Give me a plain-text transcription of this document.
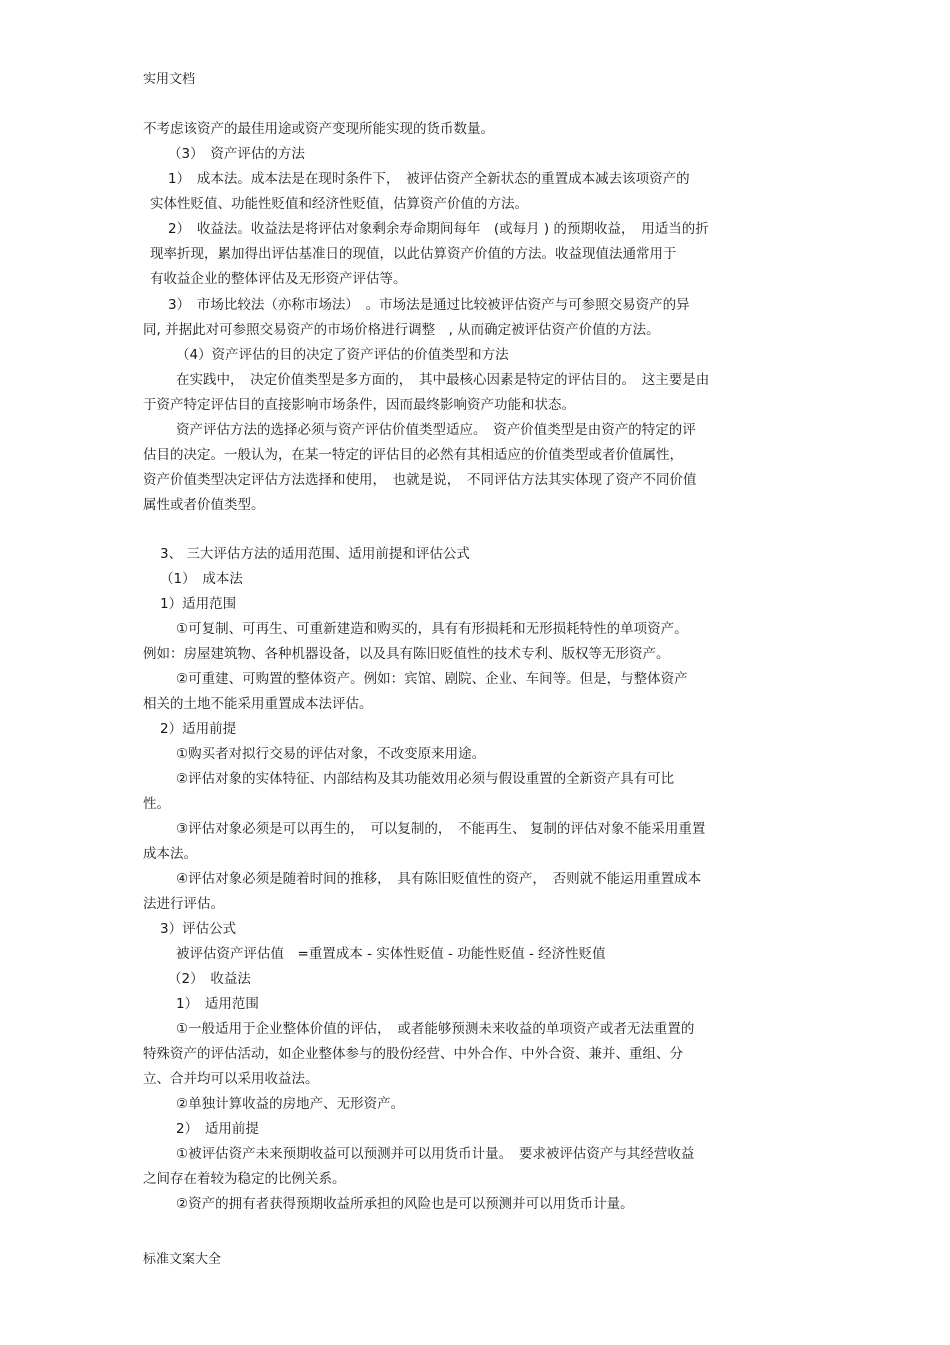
实用文档
不考虑该资产的最佳用途或资产变现所能实现的货币数量。
（3）　资产评估的方法
1）　成本法。成本法是在现时条件下，　被评估资产全新状态的重置成本减去该项资产的
实体性贬值、功能性贬值和经济性贬值，估算资产价值的方法。
2）　收益法。收益法是将评估对象剩余寿命期间每年　(或每月 ) 的预期收益，　用适当的折
现率折现，累加得出评估基准日的现值，以此估算资产价值的方法。收益现值法通常用于
有收益企业的整体评估及无形资产评估等。
3）　市场比较法（亦称市场法）　。市场法是通过比较被评估资产与可参照交易资产的异
同, 并据此对可参照交易资产的市场价格进行调整　, 从而确定被评估资产价值的方法。
（4）资产评估的目的决定了资产评估的价值类型和方法
在实践中，　决定价值类型是多方面的，　其中最核心因素是特定的评估目的。　这主要是由
于资产特定评估目的直接影响市场条件，因而最终影响资产功能和状态。
资产评估方法的选择必须与资产评估价值类型适应。　资产价值类型是由资产的特定的评
估目的决定。一般认为，在某一特定的评估目的必然有其相适应的价值类型或者价值属性，
资产价值类型决定评估方法选择和使用，　也就是说，　不同评估方法其实体现了资产不同价值
属性或者价值类型。
3、 三大评估方法的适用范围、适用前提和评估公式
（1）　成本法
1）适用范围
①可复制、可再生、可重新建造和购买的，具有有形损耗和无形损耗特性的单项资产。
例如：房屋建筑物、各种机器设备，以及具有陈旧贬值性的技术专利、版权等无形资产。
②可重建、可购置的整体资产。例如：宾馆、剧院、企业、车间等。但是，与整体资产
相关的土地不能采用重置成本法评估。
2）适用前提
①购买者对拟行交易的评估对象，不改变原来用途。
②评估对象的实体特征、内部结构及其功能效用必须与假设重置的全新资产具有可比
性。
③评估对象必须是可以再生的，　可以复制的，　不能再生、 复制的评估对象不能采用重置
成本法。
④评估对象必须是随着时间的推移，　具有陈旧贬值性的资产，　否则就不能运用重置成本
法进行评估。
3）评估公式
被评估资产评估值　=重置成本 - 实体性贬值 - 功能性贬值 - 经济性贬值
（2）　收益法
1）　适用范围
①一般适用于企业整体价值的评估，　或者能够预测未来收益的单项资产或者无法重置的
特殊资产的评估活动，如企业整体参与的股份经营、中外合作、中外合资、兼并、重组、分
立、合并均可以采用收益法。
②单独计算收益的房地产、无形资产。
2）　适用前提
①被评估资产未来预期收益可以预测并可以用货币计量。　要求被评估资产与其经营收益
之间存在着较为稳定的比例关系。
②资产的拥有者获得预期收益所承担的风险也是可以预测并可以用货币计量。
标准文案大全
